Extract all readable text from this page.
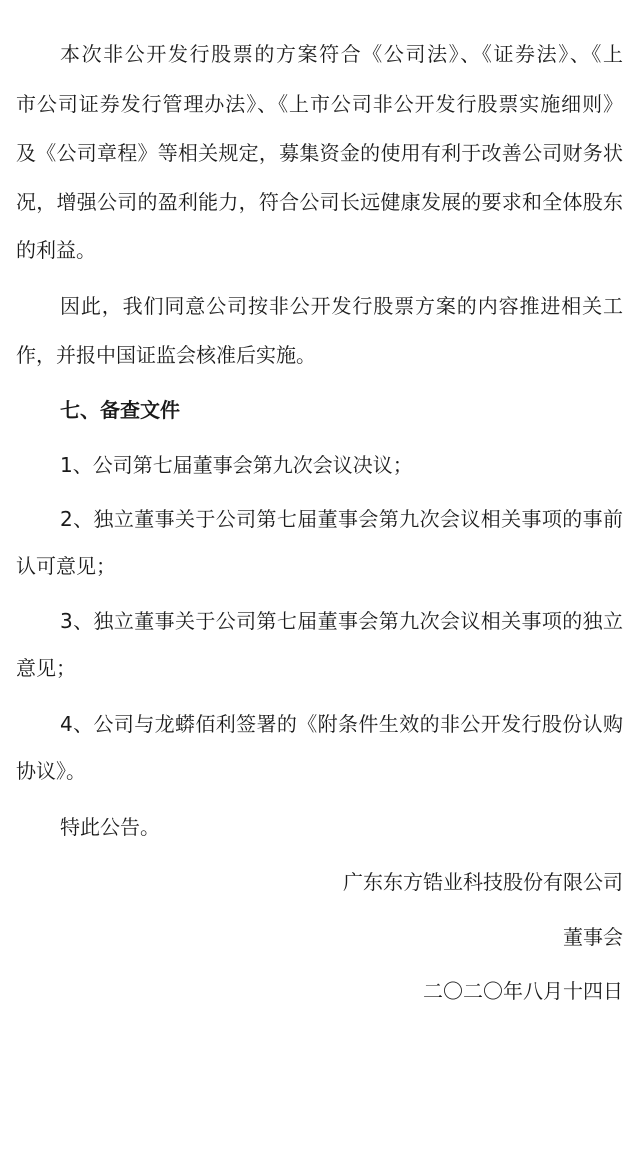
本次非公开发行股票的方案符合《公司法》、《证券法》、《上
市公司证券发行管理办法》、《上市公司非公开发行股票实施细则》
及《公司章程》等相关规定，募集资金的使用有利于改善公司财务状
况，增强公司的盈利能力，符合公司长远健康发展的要求和全体股东
的利益。
因此，我们同意公司按非公开发行股票方案的内容推进相关工
作，并报中国证监会核准后实施。
七、备查文件
1、公司第七届董事会第九次会议决议；
2、独立董事关于公司第七届董事会第九次会议相关事项的事前
认可意见；
3、独立董事关于公司第七届董事会第九次会议相关事项的独立
意见；
4、公司与龙蟒佰利签署的《附条件生效的非公开发行股份认购
协议》。
特此公告。
广东东方锆业科技股份有限公司
董事会
二〇二〇年八月十四日
